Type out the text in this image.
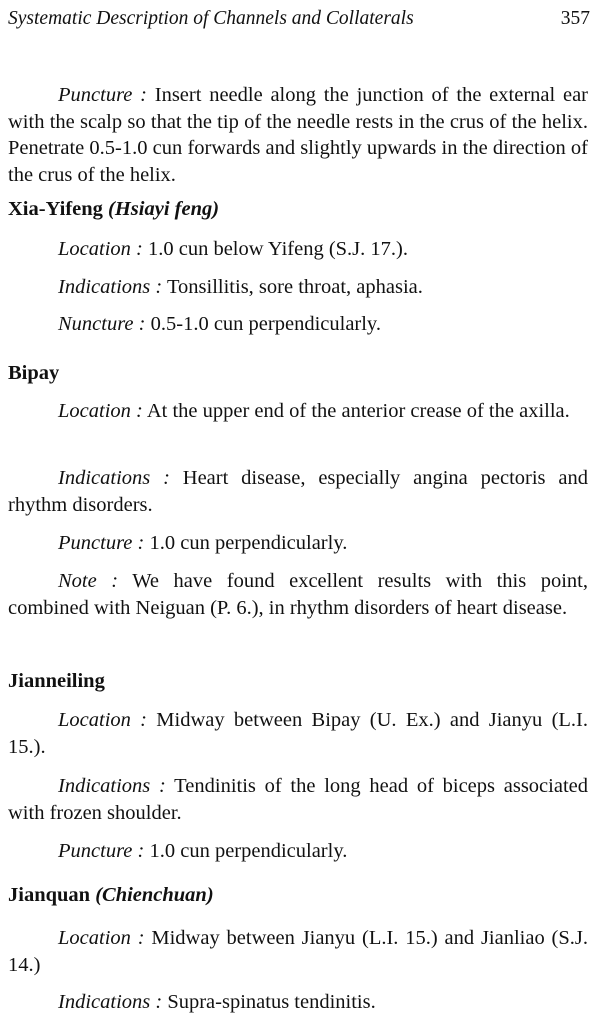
Systematic Description of Channels and Collaterals	357
Puncture : Insert needle along the junction of the external ear with the scalp so that the tip of the needle rests in the crus of the helix. Penetrate 0.5-1.0 cun forwards and slightly upwards in the direction of the crus of the helix.
Xia-Yifeng (Hsiayi feng)
Location : 1.0 cun below Yifeng (S.J. 17.).
Indications : Tonsillitis, sore throat, aphasia.
Nuncture : 0.5-1.0 cun perpendicularly.
Bipay
Location : At the upper end of the anterior crease of the axilla.
Indications : Heart disease, especially angina pectoris and rhythm disorders.
Puncture : 1.0 cun perpendicularly.
Note : We have found excellent results with this point, combined with Neiguan (P. 6.), in rhythm disorders of heart disease.
Jianneiling
Location : Midway between Bipay (U. Ex.) and Jianyu (L.I. 15.).
Indications : Tendinitis of the long head of biceps associated with frozen shoulder.
Puncture : 1.0 cun perpendicularly.
Jianquan (Chienchuan)
Location : Midway between Jianyu (L.I. 15.) and Jianliao (S.J. 14.)
Indications : Supra-spinatus tendinitis.
